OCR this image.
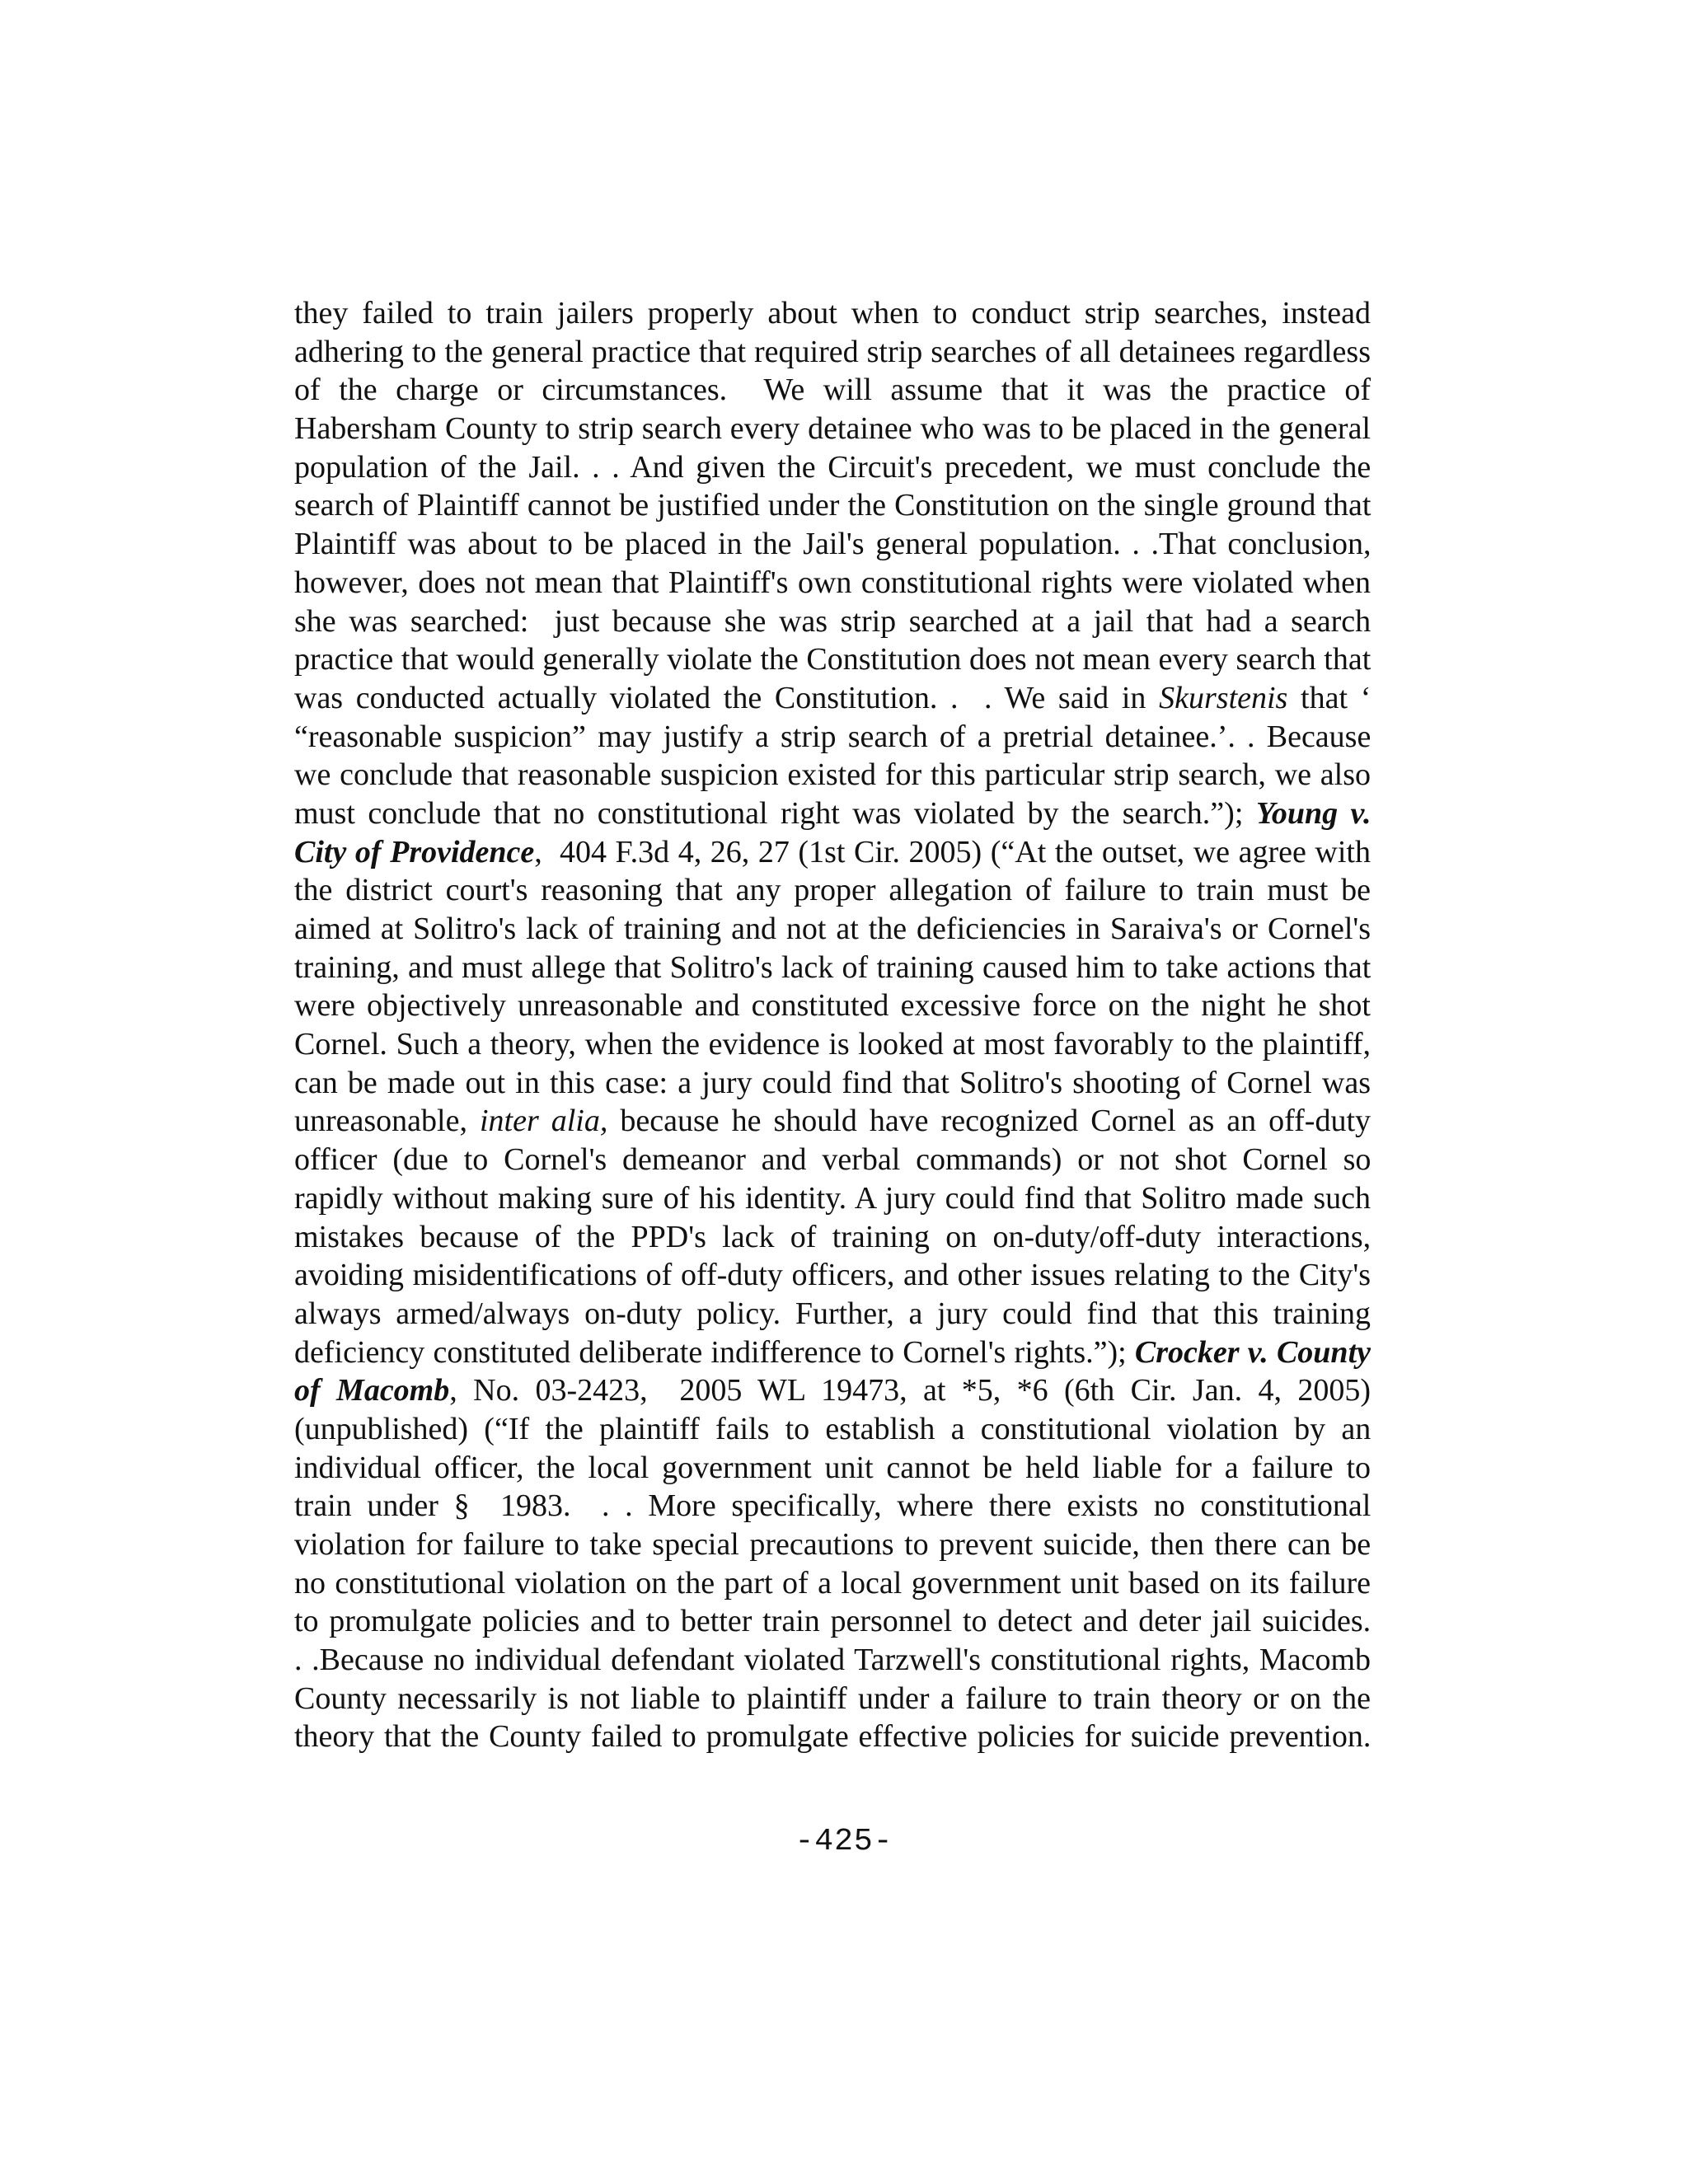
they failed to train jailers properly about when to conduct strip searches, instead
adhering to the general practice that required strip searches of all detainees regardless
of the charge or circumstances.  We will assume that it was the practice of
Habersham County to strip search every detainee who was to be placed in the general
population of the Jail. . . And given the Circuit's precedent, we must conclude the
search of Plaintiff cannot be justified under the Constitution on the single ground that
Plaintiff was about to be placed in the Jail's general population. . .That conclusion,
however, does not mean that Plaintiff's own constitutional rights were violated when
she was searched:  just because she was strip searched at a jail that had a search
practice that would generally violate the Constitution does not mean every search that
was conducted actually violated the Constitution. .  . We said in Skurstenis that ‘
“reasonable suspicion” may justify a strip search of a pretrial detainee.’. . Because
we conclude that reasonable suspicion existed for this particular strip search, we also
must conclude that no constitutional right was violated by the search.”); Young v.
City of Providence,  404 F.3d 4, 26, 27 (1st Cir. 2005) (“At the outset, we agree with
the district court's reasoning that any proper allegation of failure to train must be
aimed at Solitro's lack of training and not at the deficiencies in Saraiva's or Cornel's
training, and must allege that Solitro's lack of training caused him to take actions that
were objectively unreasonable and constituted excessive force on the night he shot
Cornel. Such a theory, when the evidence is looked at most favorably to the plaintiff,
can be made out in this case: a jury could find that Solitro's shooting of Cornel was
unreasonable, inter alia, because he should have recognized Cornel as an off-duty
officer (due to Cornel's demeanor and verbal commands) or not shot Cornel so
rapidly without making sure of his identity. A jury could find that Solitro made such
mistakes because of the PPD's lack of training on on-duty/off-duty interactions,
avoiding misidentifications of off-duty officers, and other issues relating to the City's
always armed/always on-duty policy. Further, a jury could find that this training
deficiency constituted deliberate indifference to Cornel's rights.”); Crocker v. County
of Macomb, No. 03-2423,  2005 WL 19473, at *5, *6 (6th Cir. Jan. 4, 2005)
(unpublished) (“If the plaintiff fails to establish a constitutional violation by an
individual officer, the local government unit cannot be held liable for a failure to
train under §  1983.  . . More specifically, where there exists no constitutional
violation for failure to take special precautions to prevent suicide, then there can be
no constitutional violation on the part of a local government unit based on its failure
to promulgate policies and to better train personnel to detect and deter jail suicides.
. .Because no individual defendant violated Tarzwell's constitutional rights, Macomb
County necessarily is not liable to plaintiff under a failure to train theory or on the
theory that the County failed to promulgate effective policies for suicide prevention.
-425-
